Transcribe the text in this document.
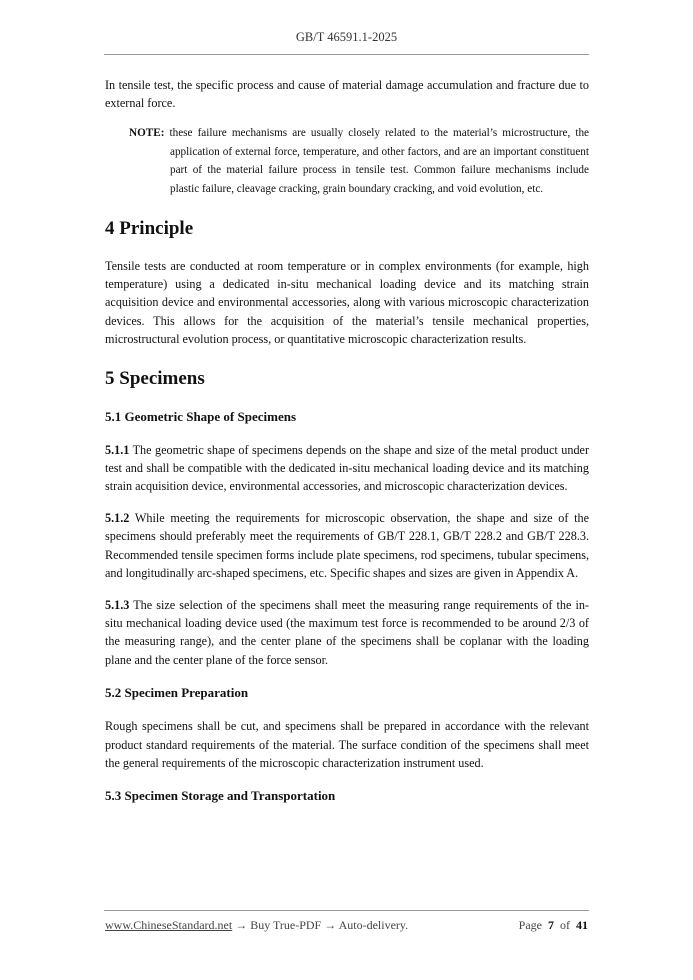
GB/T 46591.1-2025

In tensile test, the specific process and cause of material damage accumulation and fracture due to external force.

NOTE: these failure mechanisms are usually closely related to the material’s microstructure, the application of external force, temperature, and other factors, and are an important constituent part of the material failure process in tensile test. Common failure mechanisms include plastic failure, cleavage cracking, grain boundary cracking, and void evolution, etc.

4 Principle

Tensile tests are conducted at room temperature or in complex environments (for example, high temperature) using a dedicated in-situ mechanical loading device and its matching strain acquisition device and environmental accessories, along with various microscopic characterization devices. This allows for the acquisition of the material’s tensile mechanical properties, microstructural evolution process, or quantitative microscopic characterization results.

5 Specimens
5.1 Geometric Shape of Specimens

5.1.1 The geometric shape of specimens depends on the shape and size of the metal product under test and shall be compatible with the dedicated in-situ mechanical loading device and its matching strain acquisition device, environmental accessories, and microscopic characterization devices.

5.1.2 While meeting the requirements for microscopic observation, the shape and size of the specimens should preferably meet the requirements of GB/T 228.1, GB/T 228.2 and GB/T 228.3. Recommended tensile specimen forms include plate specimens, rod specimens, tubular specimens, and longitudinally arc-shaped specimens, etc. Specific shapes and sizes are given in Appendix A.

5.1.3 The size selection of the specimens shall meet the measuring range requirements of the in-situ mechanical loading device used (the maximum test force is recommended to be around 2/3 of the measuring range), and the center plane of the specimens shall be coplanar with the loading plane and the center plane of the force sensor.

5.2 Specimen Preparation

Rough specimens shall be cut, and specimens shall be prepared in accordance with the relevant product standard requirements of the material. The surface condition of the specimens shall meet the general requirements of the microscopic characterization instrument used.

5.3 Specimen Storage and Transportation
www.ChineseStandard.net → Buy True-PDF → Auto-delivery.	Page 7 of 41
